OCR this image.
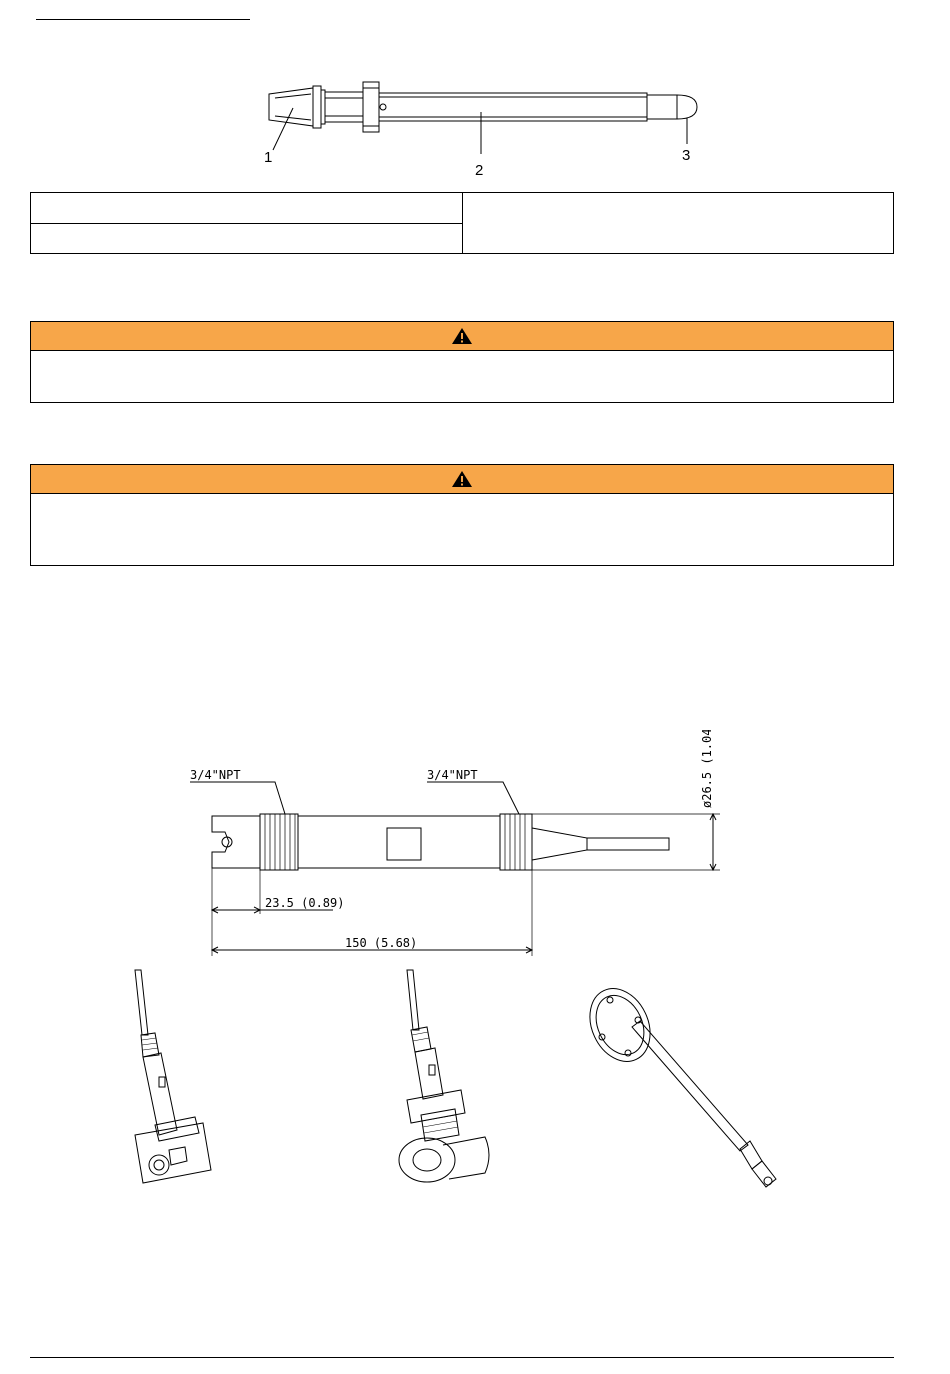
1
2
3

3/4"NPT	3/4"NPT
23.5 (0.89)
150 (5.68)
ø26.5 (1.04)
